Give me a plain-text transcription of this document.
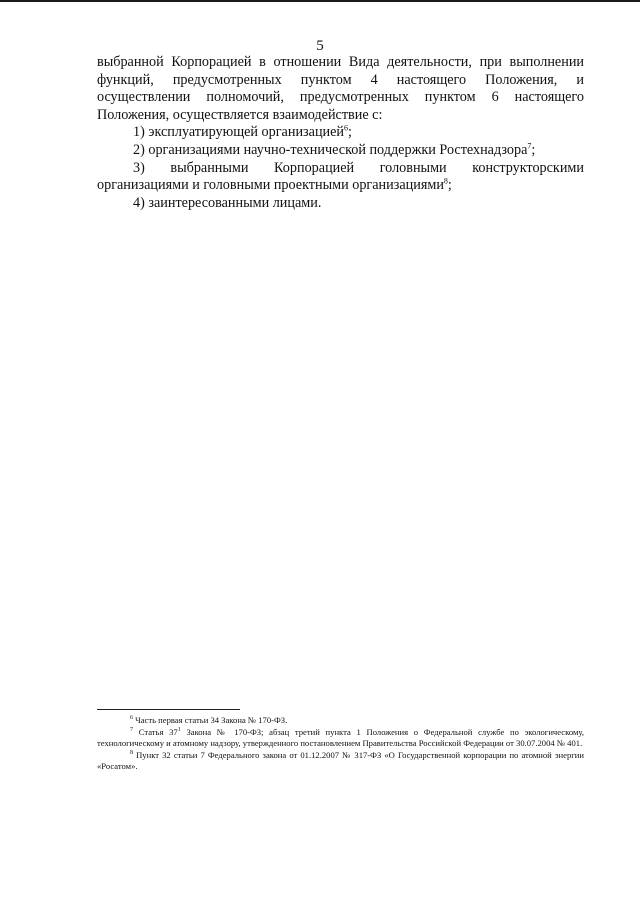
5

выбранной Корпорацией в отношении Вида деятельности, при выполнении функций, предусмотренных пунктом 4 настоящего Положения, и осуществлении полномочий, предусмотренных пунктом 6 настоящего Положения, осуществляется взаимодействие с:

1) эксплуатирующей организацией$^6$;

2) организациями научно-технической поддержки Ростехнадзора$^7$;

3) выбранными Корпорацией головными конструкторскими организациями и головными проектными организациями$^8$;

4) заинтересованными лицами.

$^6$ Часть первая статьи 34 Закона № 170-ФЗ.

$^7$ Статья $37^1$ Закона № 170-ФЗ; абзац третий пункта 1 Положения о Федеральной службе по экологическому, технологическому и атомному надзору, утвержденного постановлением Правительства Российской Федерации от 30.07.2004 № 401.

$^8$ Пункт 32 статьи 7 Федерального закона от 01.12.2007 № 317-ФЗ «О Государственной корпорации по атомной энергии «Росатом».
